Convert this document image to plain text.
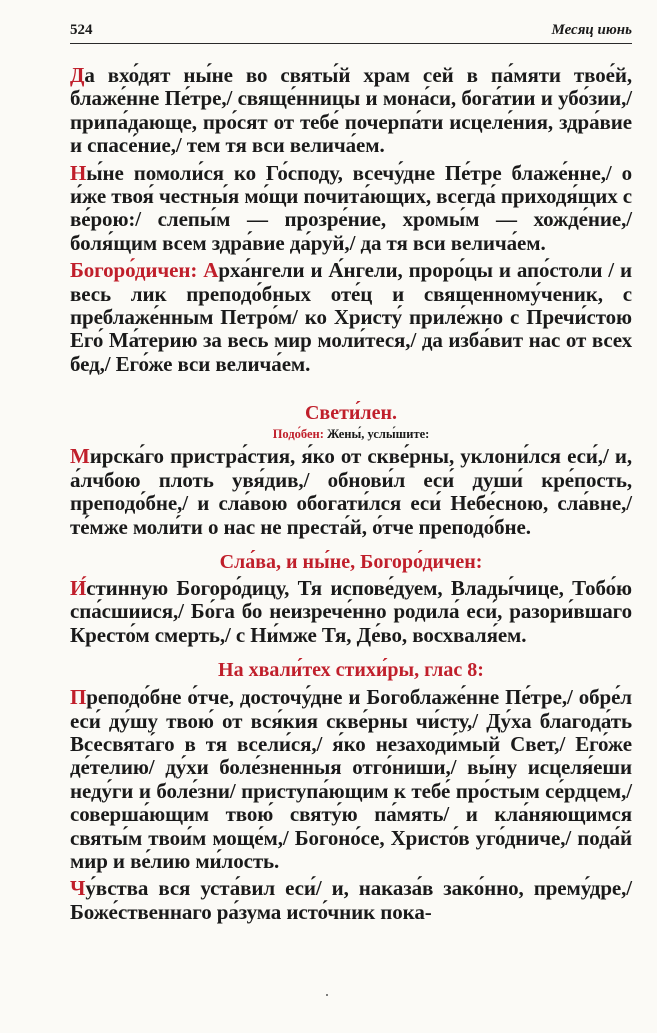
524	Месяц июнь

Да вхо́дят ны́не во святы́й храм сей в па́мяти твое́й, блаже́нне Пе́тре,/ свяще́нницы и мона́си, бога́тии и убо́зии,/ припа́дающе, про́сят от тебе́ почерпа́ти исцеле́ния, здра́вие и спасе́ние,/ тем тя вси велича́ем.

Ны́не помоли́ся ко Го́споду, всечу́дне Пе́тре блаже́нне,/ о и́же твоя́ честны́я мо́щи почита́ющих, всегда́ приходя́щих с ве́рою:/ слепы́м — прозре́ние, хромы́м — хожде́ние,/ боля́щим всем здра́вие да́руй,/ да тя вси велича́ем.

Богоро́дичен: Арха́нгели и А́нгели, проро́цы и апо́столи / и весь лик преподо́бных оте́ц и священному́ченик, с преблаже́нным Петро́м/ ко Христу́ приле́жно с Пречи́стою Его́ Ма́терию за весь мир моли́теся,/ да изба́вит нас от всех бед,/ Его́же вси велича́ем.

Свети́лен.

Подо́бен: Жены́, услы́шите:

Мирска́го пристра́стия, я́ко от скве́рны, уклони́лся еси́,/ и, а́лчбою плоть увя́див,/ обнови́л еси́ души́ кре́пость, преподо́бне,/ и сла́вою обогати́лся еси́ Небе́сною, сла́вне,/ те́мже моли́ти о нас не преста́й, о́тче преподо́бне.

Сла́ва, и ны́не, Богоро́дичен:

И́стинную Богоро́дицу, Тя испове́дуем, Влады́чице, Тобо́ю спа́сшиися,/ Бо́га бо неизрече́нно родила́ еси́, разори́вшаго Кресто́м смерть,/ с Ни́мже Тя, Де́во, восхваля́ем.

На хвали́тех стихи́ры, глас 8:

Преподо́бне о́тче, досточу́дне и Богоблаже́нне Пе́тре,/ обре́л еси́ ду́шу твою́ от вся́кия скве́рны чи́сту,/ Ду́ха благода́ть Всесвята́го в тя всели́ся,/ я́ко незаходи́мый Свет,/ Его́же де́телию/ ду́хи боле́зненныя отго́ниши,/ вы́ну исцеля́еши неду́ги и боле́зни/ приступа́ющим к тебе́ про́стым се́рдцем,/ соверша́ющим твою́ святу́ю па́мять/ и кла́няющимся святы́м твои́м моще́м,/ Богоно́се, Христо́в уго́дниче,/ пода́й мир и ве́лию ми́лость.

Чу́вства вся уста́вил еси́/ и, наказа́в зако́нно, прему́дре,/ Боже́ственнаго ра́зума исто́чник пока-
